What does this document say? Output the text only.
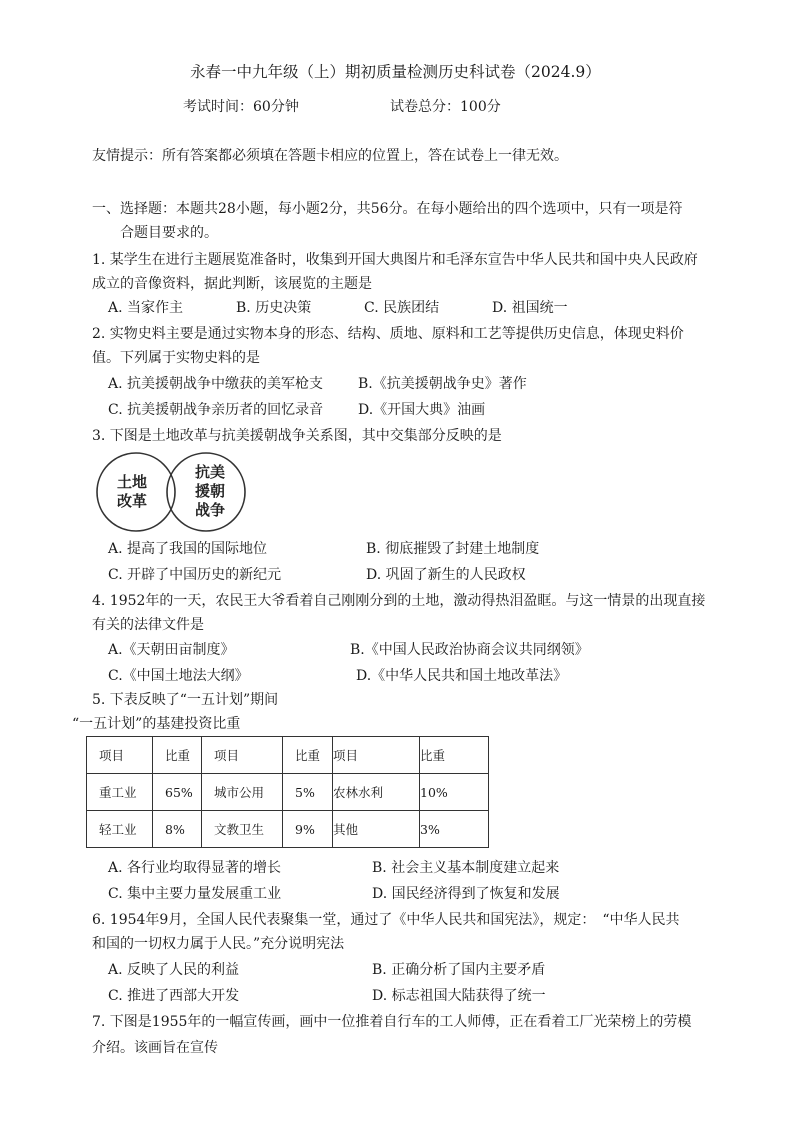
永春一中九年级（上）期初质量检测历史科试卷（2024.9）
考试时间：60分钟	试卷总分：100分
友情提示：所有答案都必须填在答题卡相应的位置上，答在试卷上一律无效。
一、选择题：本题共28小题，每小题2分，共56分。在每小题给出的四个选项中，只有一项是符
合题目要求的。
1. 某学生在进行主题展览准备时，收集到开国大典图片和毛泽东宣告中华人民共和国中央人民政府
成立的音像资料，据此判断，该展览的主题是
A. 当家作主	B. 历史决策	C. 民族团结	D. 祖国统一
2. 实物史料主要是通过实物本身的形态、结构、质地、原料和工艺等提供历史信息，体现史料价
值。下列属于实物史料的是
A. 抗美援朝战争中缴获的美军枪支 B.《抗美援朝战争史》著作
C. 抗美援朝战争亲历者的回忆录音 D.《开国大典》油画
3. 下图是土地改革与抗美援朝战争关系图，其中交集部分反映的是
土地
改革
抗美
援朝
战争
A. 提高了我国的国际地位	B. 彻底摧毁了封建土地制度
C. 开辟了中国历史的新纪元	D. 巩固了新生的人民政权
4. 1952年的一天，农民王大爷看着自己刚刚分到的土地，激动得热泪盈眶。与这一情景的出现直接
有关的法律文件是
A.《天朝田亩制度》	B.《中国人民政治协商会议共同纲领》
C.《中国土地法大纲》	D.《中华人民共和国土地改革法》
5. 下表反映了“一五计划”期间
“一五计划”的基建投资比重
项目	比重	项目	比重	项目	比重
重工业	65%	城市公用	5%	农林水利	10%
轻工业	8%	文教卫生	9%	其他	3%
A. 各行业均取得显著的增长	B. 社会主义基本制度建立起来
C. 集中主要力量发展重工业	D. 国民经济得到了恢复和发展
6. 1954年9月，全国人民代表聚集一堂，通过了《中华人民共和国宪法》，规定：　“中华人民共
和国的一切权力属于人民。”充分说明宪法
A. 反映了人民的利益	B. 正确分析了国内主要矛盾
C. 推进了西部大开发	D. 标志祖国大陆获得了统一
7. 下图是1955年的一幅宣传画，画中一位推着自行车的工人师傅，正在看着工厂光荣榜上的劳模
介绍。该画旨在宣传
